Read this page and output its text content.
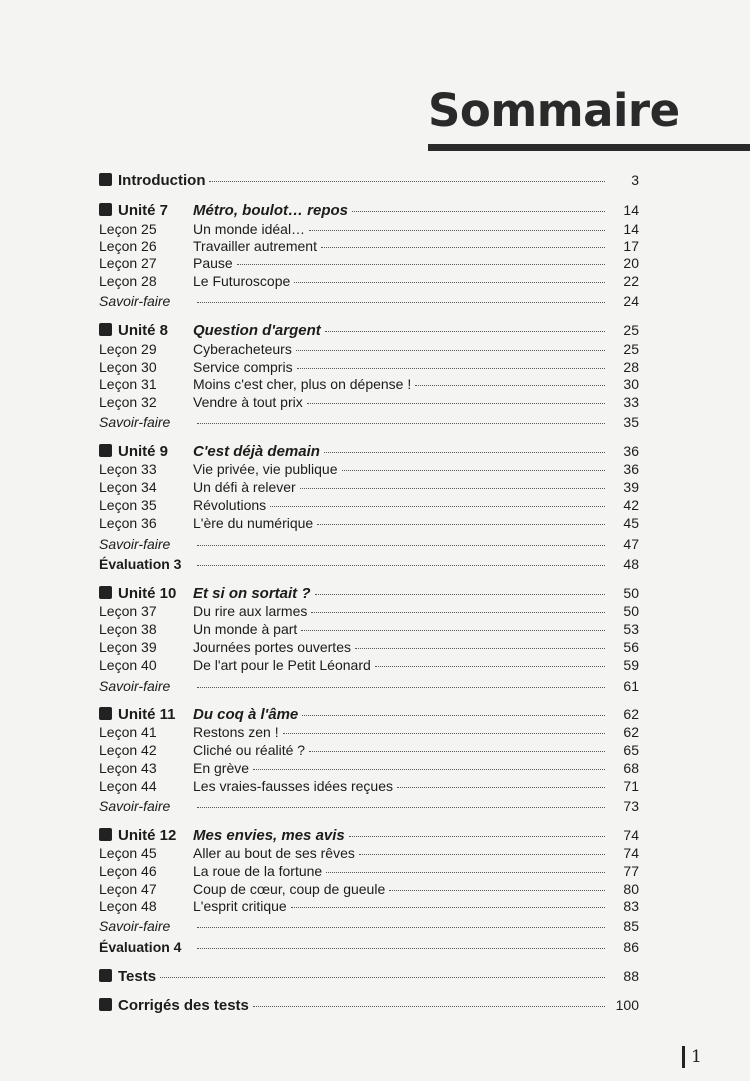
Sommaire
Introduction	3
Unité 7	Métro, boulot… repos	14
Leçon 25	Un monde idéal…	14
Leçon 26	Travailler autrement	17
Leçon 27	Pause	20
Leçon 28	Le Futuroscope	22
Savoir-faire	24
Unité 8	Question d'argent	25
Leçon 29	Cyberacheteurs	25
Leçon 30	Service compris	28
Leçon 31	Moins c'est cher, plus on dépense !	30
Leçon 32	Vendre à tout prix	33
Savoir-faire	35
Unité 9	C'est déjà demain	36
Leçon 33	Vie privée, vie publique	36
Leçon 34	Un défi à relever	39
Leçon 35	Révolutions	42
Leçon 36	L'ère du numérique	45
Savoir-faire	47
Évaluation 3	48
Unité 10	Et si on sortait ?	50
Leçon 37	Du rire aux larmes	50
Leçon 38	Un monde à part	53
Leçon 39	Journées portes ouvertes	56
Leçon 40	De l'art pour le Petit Léonard	59
Savoir-faire	61
Unité 11	Du coq à l'âme	62
Leçon 41	Restons zen !	62
Leçon 42	Cliché ou réalité ?	65
Leçon 43	En grève	68
Leçon 44	Les vraies-fausses idées reçues	71
Savoir-faire	73
Unité 12	Mes envies, mes avis	74
Leçon 45	Aller au bout de ses rêves	74
Leçon 46	La roue de la fortune	77
Leçon 47	Coup de cœur, coup de gueule	80
Leçon 48	L'esprit critique	83
Savoir-faire	85
Évaluation 4	86
Tests	88
Corrigés des tests	100
1
